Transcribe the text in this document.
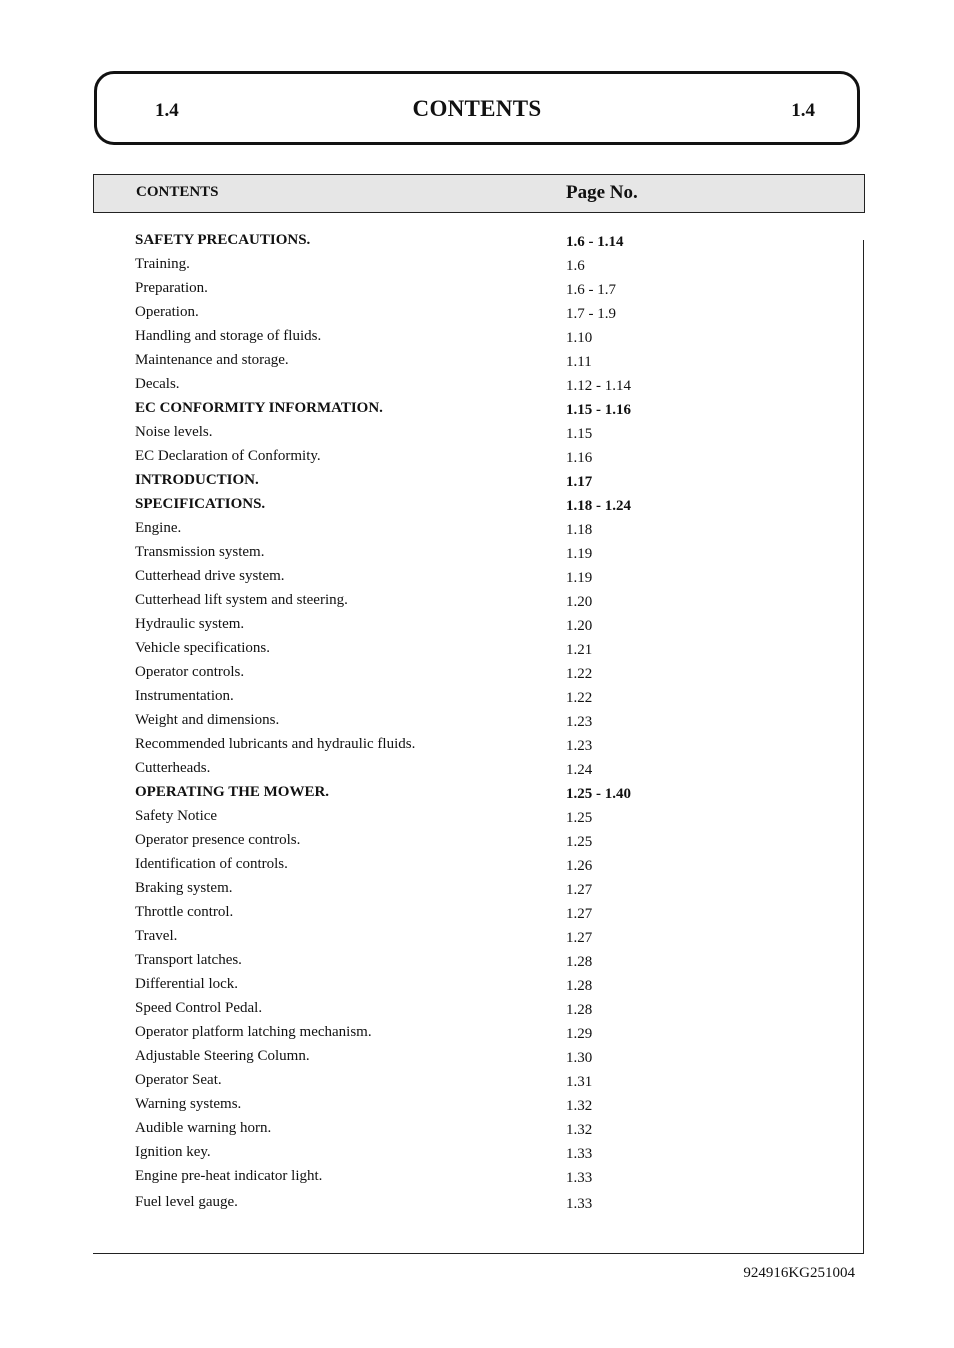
1.4	CONTENTS	1.4
CONTENTS	Page No.
SAFETY PRECAUTIONS.	1.6 - 1.14
Training.	1.6
Preparation.	1.6 - 1.7
Operation.	1.7 - 1.9
Handling and storage of fluids.	1.10
Maintenance and storage.	1.11
Decals.	1.12 - 1.14
EC CONFORMITY INFORMATION.	1.15 - 1.16
Noise levels.	1.15
EC Declaration of Conformity.	1.16
INTRODUCTION.	1.17
SPECIFICATIONS.	1.18 - 1.24
Engine.	1.18
Transmission system.	1.19
Cutterhead drive system.	1.19
Cutterhead lift system and steering.	1.20
Hydraulic system.	1.20
Vehicle specifications.	1.21
Operator controls.	1.22
Instrumentation.	1.22
Weight and dimensions.	1.23
Recommended lubricants and hydraulic fluids.	1.23
Cutterheads.	1.24
OPERATING THE MOWER.	1.25 - 1.40
Safety Notice	1.25
Operator presence controls.	1.25
Identification of controls.	1.26
Braking system.	1.27
Throttle control.	1.27
Travel.	1.27
Transport latches.	1.28
Differential lock.	1.28
Speed Control Pedal.	1.28
Operator platform latching mechanism.	1.29
Adjustable Steering Column.	1.30
Operator Seat.	1.31
Warning systems.	1.32
Audible warning horn.	1.32
Ignition key.	1.33
Engine pre-heat indicator light.	1.33
Fuel level gauge.	1.33
924916KG251004
